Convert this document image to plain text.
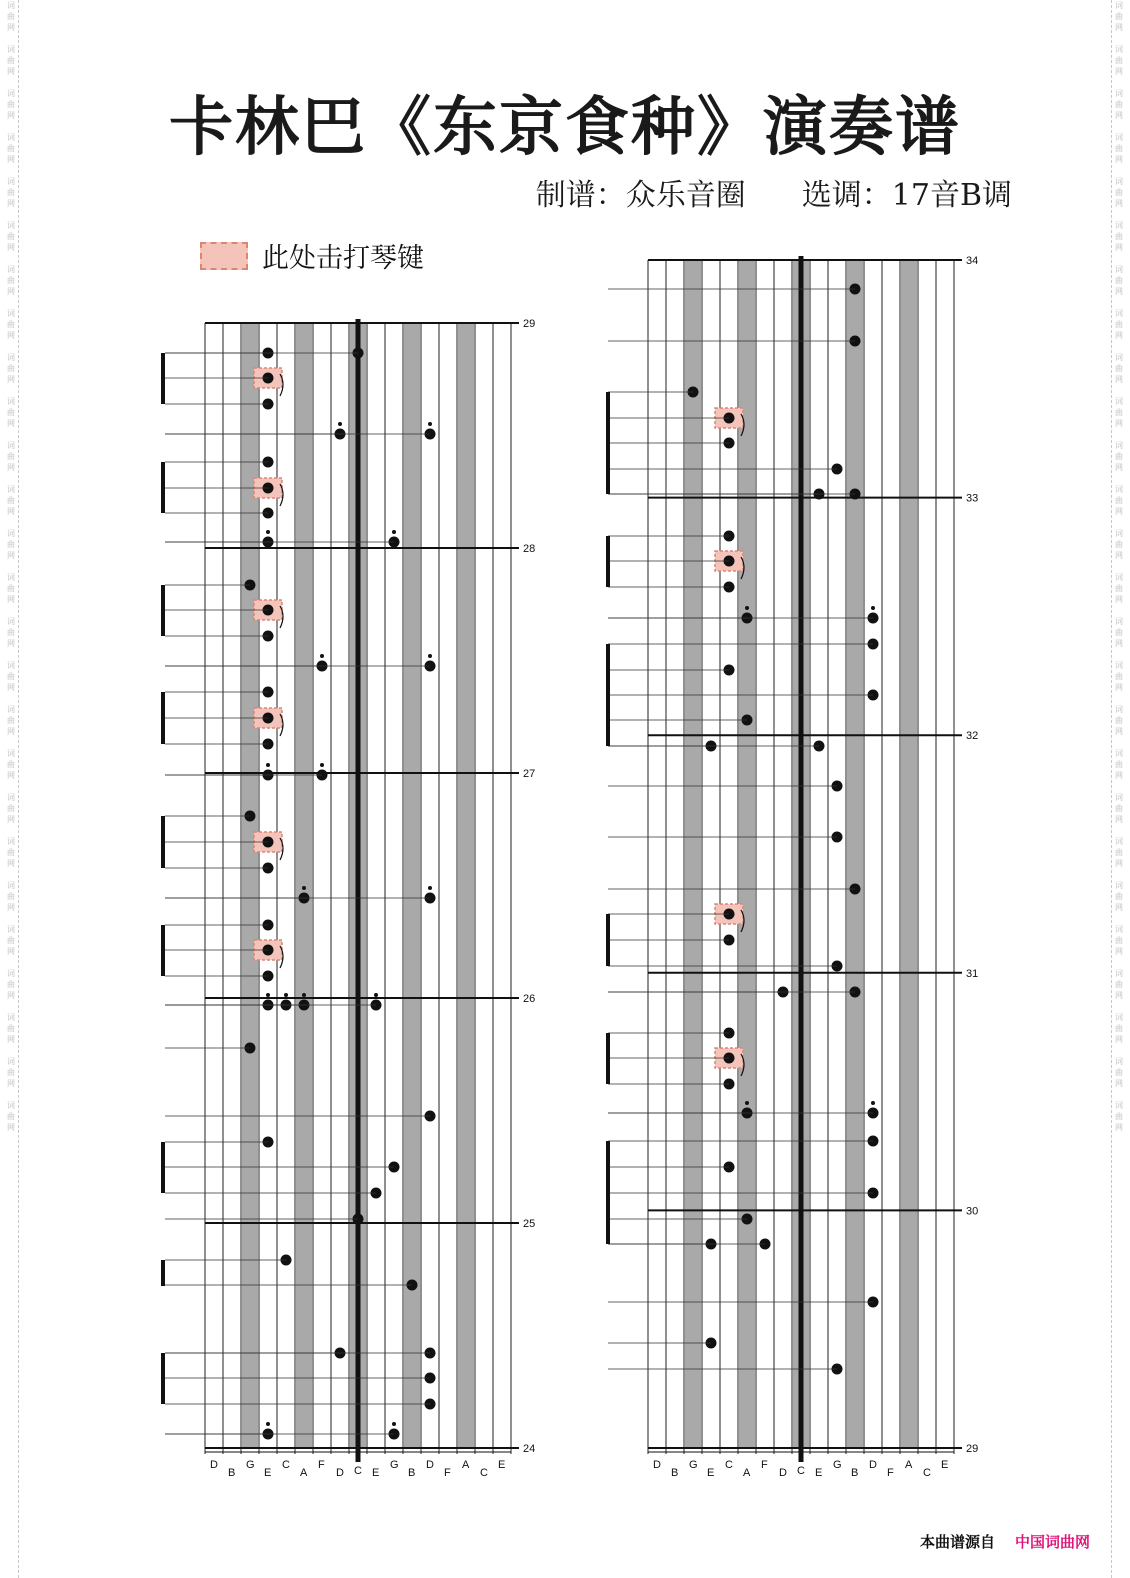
词
曲
网

词
曲
网

词
曲
网

词
曲
网

词
曲
网

词
曲
网

词
曲
网

词
曲
网

词
曲
网

词
曲
网

词
曲
网

词
曲
网

词
曲
网

词
曲
网

词
曲
网

词
曲
网

词
曲
网

词
曲
网

词
曲
网

词
曲
网

词
曲
网

词
曲
网

词
曲
网

词
曲
网

词
曲
网

词
曲
网

词
曲
网

词
曲
网

词
曲
网

词
曲
网

词
曲
网

词
曲
网

词
曲
网

词
曲
网

词
曲
网

词
曲
网

词
曲
网

词
曲
网

词
曲
网

词
曲
网

词
曲
网

词
曲
网

词
曲
网

词
曲
网

词
曲
网

词
曲
网

词
曲
网

词
曲
网

词
曲
网

词
曲
网

词
曲
网

词
曲
网

卡林巴《东京食种》演奏谱
制谱：众乐音圈 选调：17音B调
此处击打琴键
29
28
27
26
25
24
D
B
G
E
C
A
F
D C E
G
B
D
F
A
C
E
34
33
32
31
30
29
D
B
G
E
C
A
F
D C E
G
B
D
F
A
C
E
本曲谱源自 中国词曲网
